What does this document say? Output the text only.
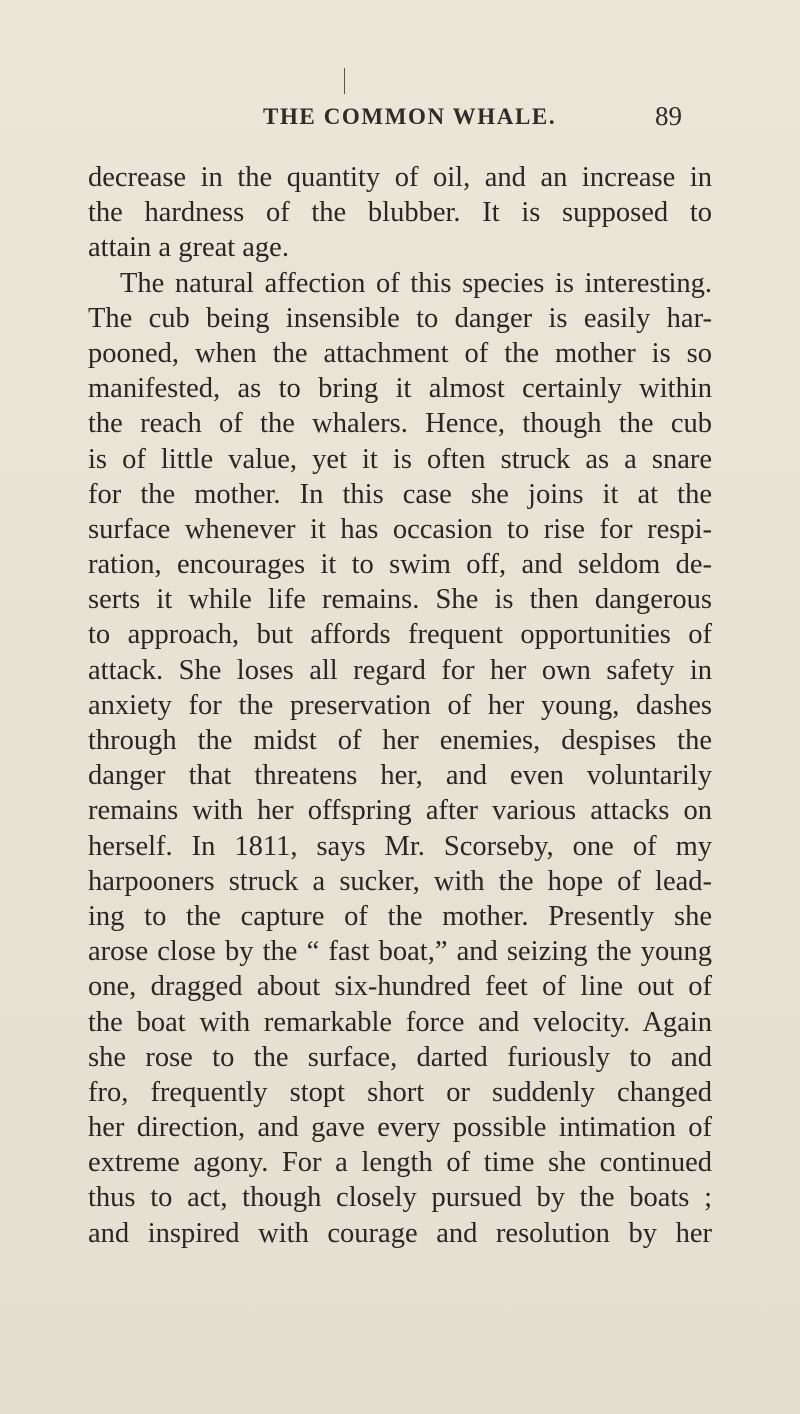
THE COMMON WHALE.	89
decrease in the quantity of oil, and an increase in
the hardness of the blubber. It is supposed to
attain a great age.
The natural affection of this species is interesting.
The cub being insensible to danger is easily har-
pooned, when the attachment of the mother is so
manifested, as to bring it almost certainly within
the reach of the whalers. Hence, though the cub
is of little value, yet it is often struck as a snare
for the mother. In this case she joins it at the
surface whenever it has occasion to rise for respi-
ration, encourages it to swim off, and seldom de-
serts it while life remains. She is then dangerous
to approach, but affords frequent opportunities of
attack. She loses all regard for her own safety in
anxiety for the preservation of her young, dashes
through the midst of her enemies, despises the
danger that threatens her, and even voluntarily
remains with her offspring after various attacks on
herself. In 1811, says Mr. Scorseby, one of my
harpooners struck a sucker, with the hope of lead-
ing to the capture of the mother. Presently she
arose close by the “ fast boat,” and seizing the young
one, dragged about six-hundred feet of line out of
the boat with remarkable force and velocity. Again
she rose to the surface, darted furiously to and
fro, frequently stopt short or suddenly changed
her direction, and gave every possible intimation of
extreme agony. For a length of time she continued
thus to act, though closely pursued by the boats ;
and inspired with courage and resolution by her
